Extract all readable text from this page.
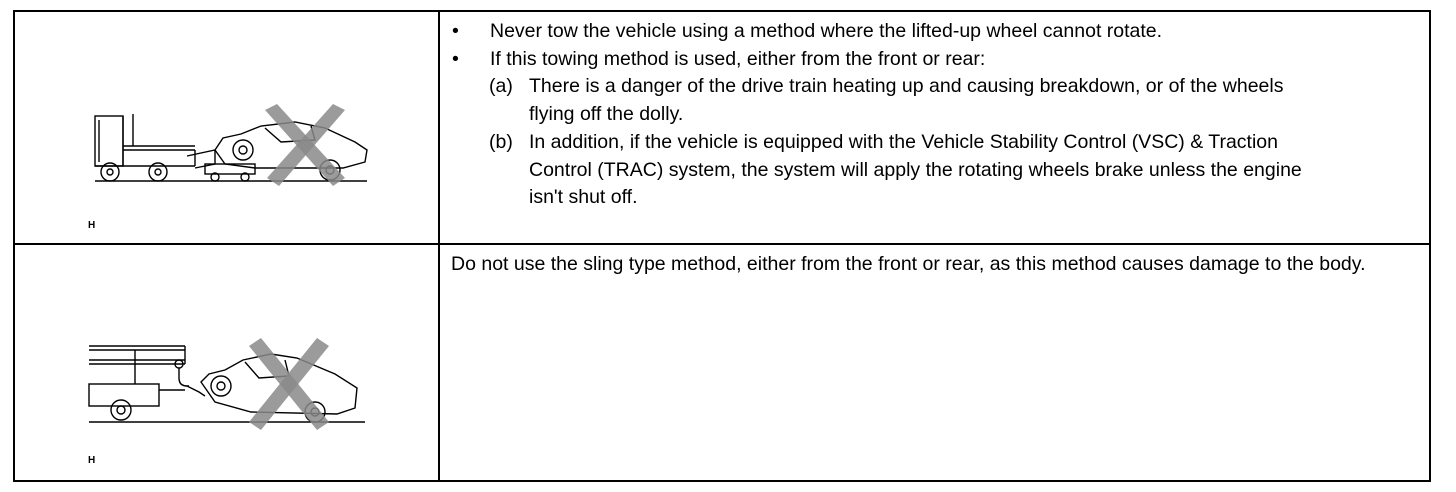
H
• Never tow the vehicle using a method where the lifted-up wheel cannot rotate.
• If this towing method is used, either from the front or rear:
(a) There is a danger of the drive train heating up and causing breakdown, or of the wheels
flying off the dolly.
(b) In addition, if the vehicle is equipped with the Vehicle Stability Control (VSC) & Traction
Control (TRAC) system, the system will apply the rotating wheels brake unless the engine
isn't shut off.
H
Do not use the sling type method, either from the front or rear, as this method causes damage to the body.
